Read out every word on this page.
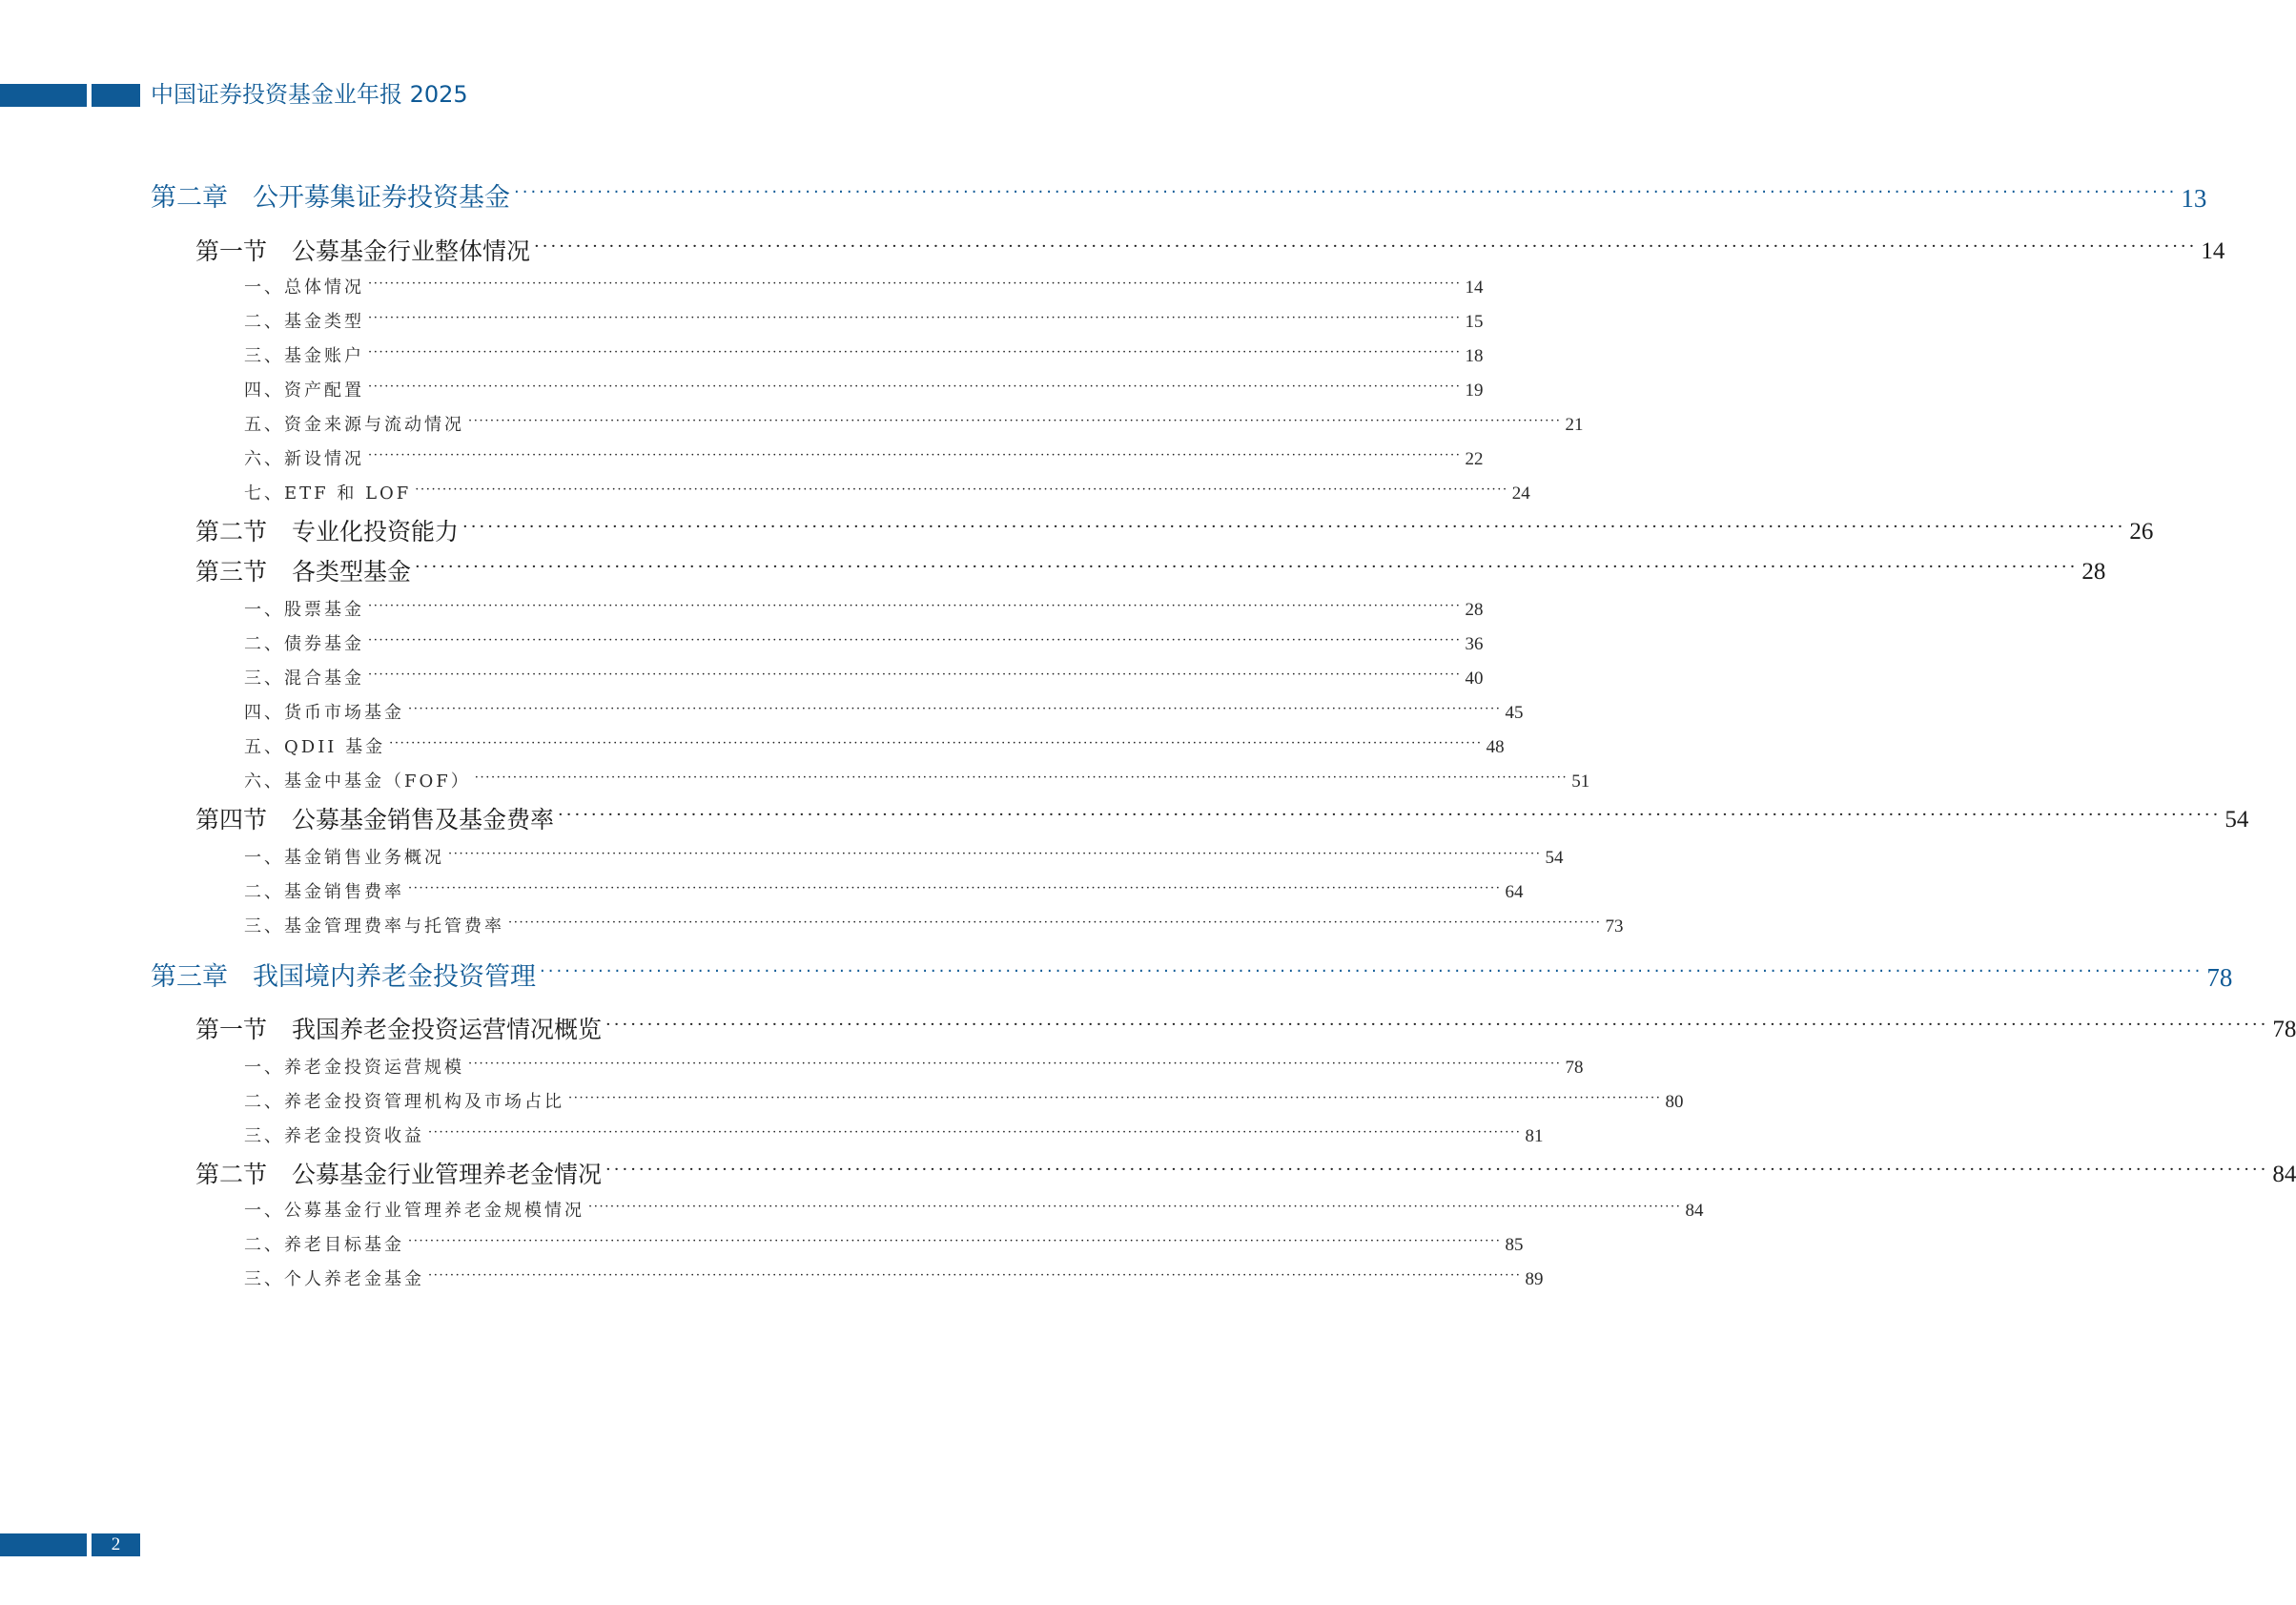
中国证券投资基金业年报 2025
第二章 公开募集证券投资基金 ········································································································································································································ 13
第一节 公募基金行业整体情况 ········································································································································································································ 14
一、总体情况 ········································································································································································································ 14
二、基金类型 ········································································································································································································ 15
三、基金账户 ········································································································································································································ 18
四、资产配置 ········································································································································································································ 19
五、资金来源与流动情况 ········································································································································································································ 21
六、新设情况 ········································································································································································································ 22
七、ETF 和 LOF ········································································································································································································ 24
第二节 专业化投资能力 ········································································································································································································ 26
第三节 各类型基金 ········································································································································································································ 28
一、股票基金 ········································································································································································································ 28
二、债券基金 ········································································································································································································ 36
三、混合基金 ········································································································································································································ 40
四、货币市场基金 ········································································································································································································ 45
五、QDII 基金 ········································································································································································································ 48
六、基金中基金（FOF） ········································································································································································································ 51
第四节 公募基金销售及基金费率 ········································································································································································································ 54
一、基金销售业务概况 ········································································································································································································ 54
二、基金销售费率 ········································································································································································································ 64
三、基金管理费率与托管费率 ········································································································································································································ 73
第三章 我国境内养老金投资管理 ········································································································································································································ 78
第一节 我国养老金投资运营情况概览 ········································································································································································································ 78
一、养老金投资运营规模 ········································································································································································································ 78
二、养老金投资管理机构及市场占比 ········································································································································································································ 80
三、养老金投资收益 ········································································································································································································ 81
第二节 公募基金行业管理养老金情况 ········································································································································································································ 84
一、公募基金行业管理养老金规模情况 ········································································································································································································ 84
二、养老目标基金 ········································································································································································································ 85
三、个人养老金基金 ········································································································································································································ 89
2
